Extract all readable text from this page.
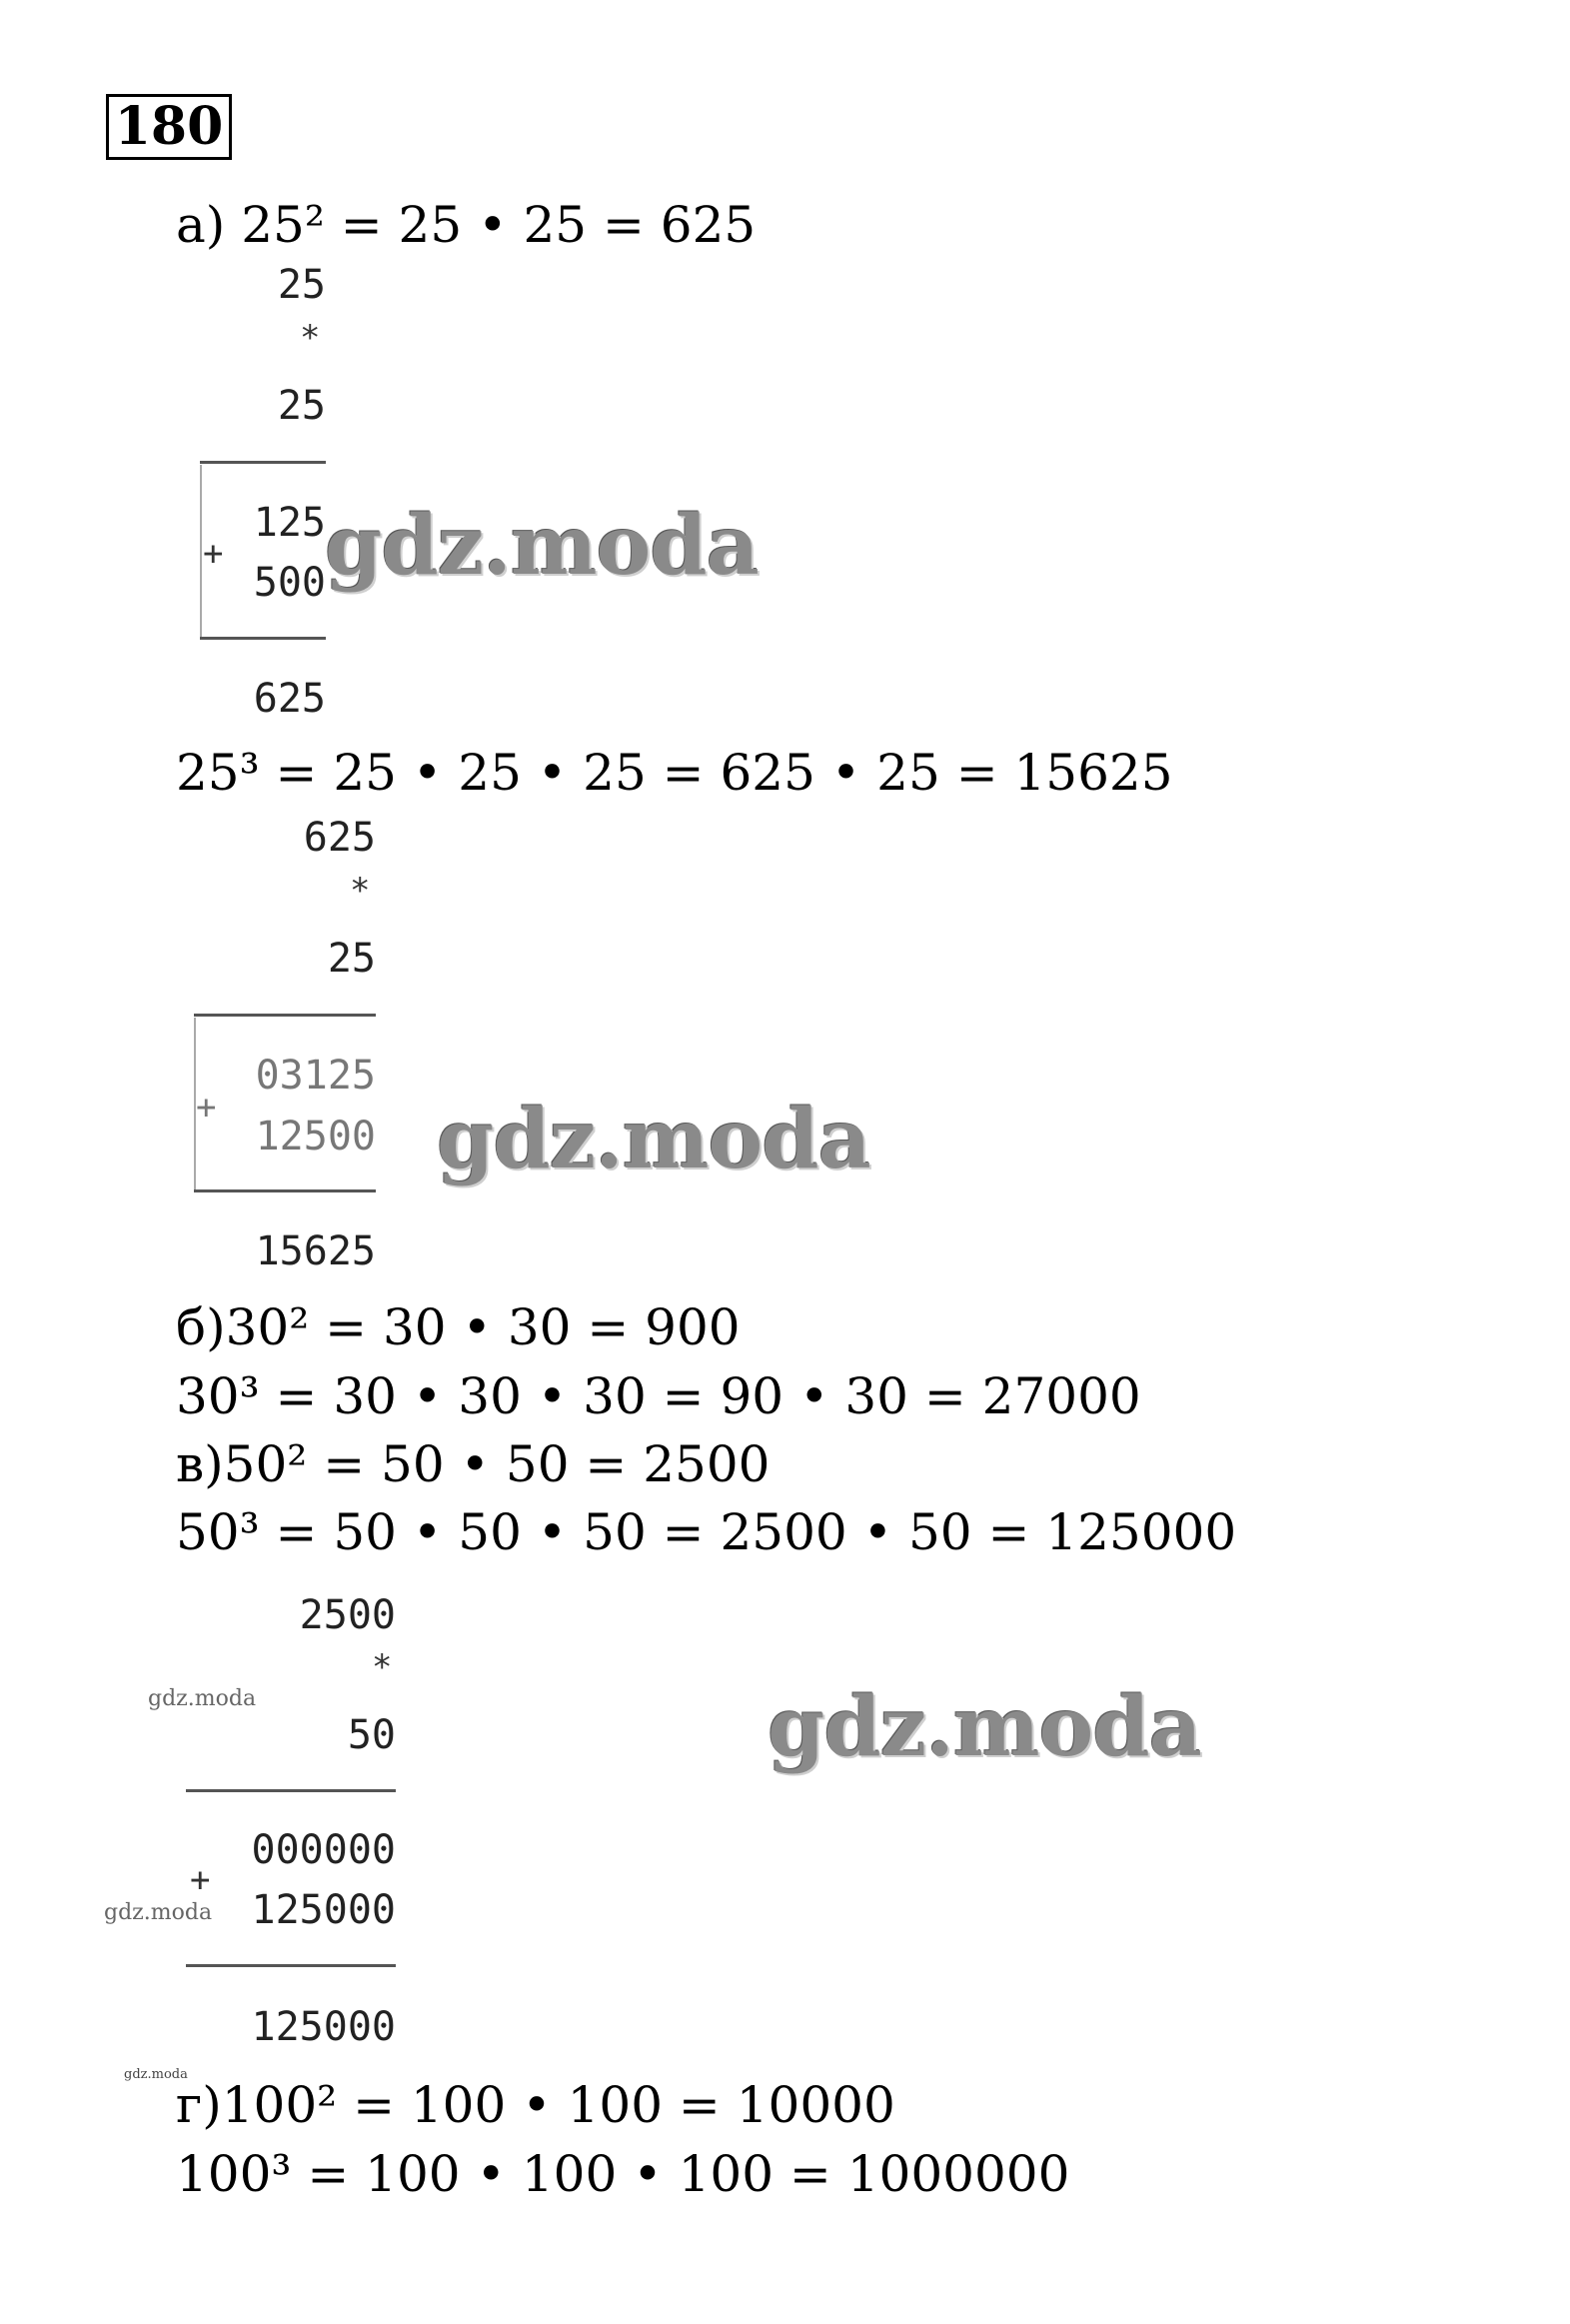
180
а) 25² = 25 • 25 = 625
25
*
25
125
+
500
625
gdz.moda
25³ = 25 • 25 • 25 = 625 • 25 = 15625
625
*
25
03125
+
12500
15625
gdz.moda
б)30² = 30 • 30 = 900
30³ = 30 • 30 • 30 = 90 • 30 = 27000
в)50² = 50 • 50 = 2500
50³ = 50 • 50 • 50 = 2500 • 50 = 125000
2500
*
50
000000
+
125000
125000
gdz.moda
gdz.moda
gdz.moda
gdz.moda
г)100² = 100 • 100 = 10000
100³ = 100 • 100 • 100 = 1000000
